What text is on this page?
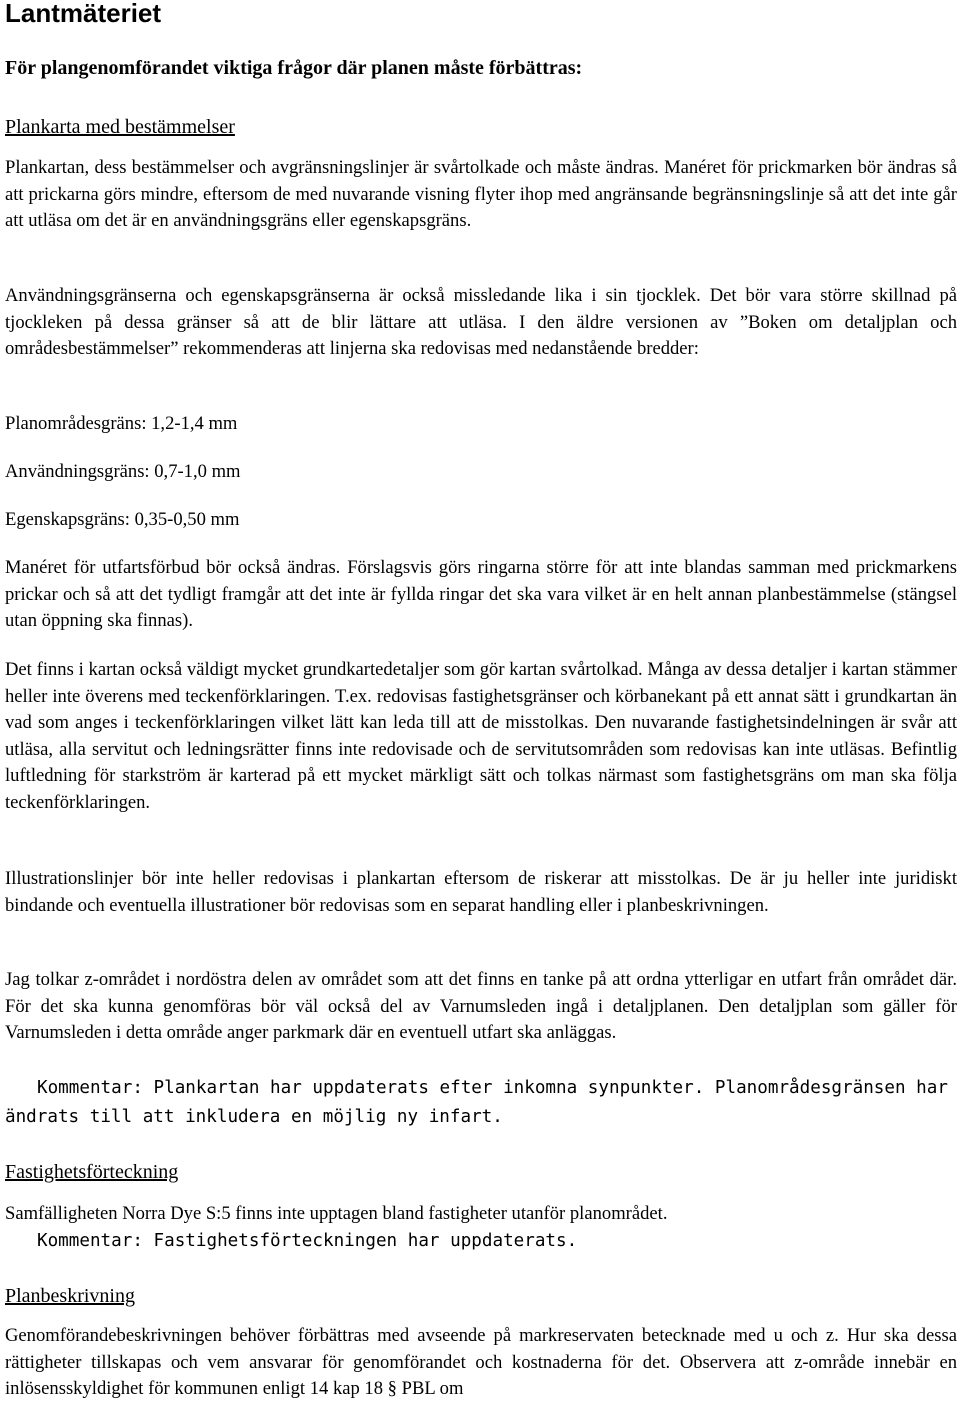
Lantmäteriet
För plangenomförandet viktiga frågor där planen måste förbättras:
Plankarta med bestämmelser
Plankartan, dess bestämmelser och avgränsningslinjer är svårtolkade och måste ändras. Manéret för prickmarken bör ändras så att prickarna görs mindre, eftersom de med nuvarande visning flyter ihop med angränsande begränsningslinje så att det inte går att utläsa om det är en användningsgräns eller egenskapsgräns.
Användningsgränserna och egenskapsgränserna är också missledande lika i sin tjocklek. Det bör vara större skillnad på tjockleken på dessa gränser så att de blir lättare att utläsa. I den äldre versionen av ”Boken om detaljplan och områdesbestämmelser” rekommenderas att linjerna ska redovisas med nedanstående bredder:
Planområdesgräns: 1,2-1,4 mm
Användningsgräns: 0,7-1,0 mm
Egenskapsgräns: 0,35-0,50 mm
Manéret för utfartsförbud bör också ändras. Förslagsvis görs ringarna större för att inte blandas samman med prickmarkens prickar och så att det tydligt framgår att det inte är fyllda ringar det ska vara vilket är en helt annan planbestämmelse (stängsel utan öppning ska finnas).
Det finns i kartan också väldigt mycket grundkartedetaljer som gör kartan svårtolkad. Många av dessa detaljer i kartan stämmer heller inte överens med teckenförklaringen. T.ex. redovisas fastighetsgränser och körbanekant på ett annat sätt i grundkartan än vad som anges i teckenförklaringen vilket lätt kan leda till att de misstolkas. Den nuvarande fastighetsindelningen är svår att utläsa, alla servitut och ledningsrätter finns inte redovisade och de servitutsområden som redovisas kan inte utläsas. Befintlig luftledning för starkström är karterad på ett mycket märkligt sätt och tolkas närmast som fastighetsgräns om man ska följa teckenförklaringen.
Illustrationslinjer bör inte heller redovisas i plankartan eftersom de riskerar att misstolkas. De är ju heller inte juridiskt bindande och eventuella illustrationer bör redovisas som en separat handling eller i planbeskrivningen.
Jag tolkar z-området i nordöstra delen av området som att det finns en tanke på att ordna ytterligar en utfart från området där. För det ska kunna genomföras bör väl också del av Varnumsleden ingå i detaljplanen. Den detaljplan som gäller för Varnumsleden i detta område anger parkmark där en eventuell utfart ska anläggas.
Kommentar: Plankartan har uppdaterats efter inkomna synpunkter. Planområdesgränsen har ändrats till att inkludera en möjlig ny infart.
Fastighetsförteckning
Samfälligheten Norra Dye S:5 finns inte upptagen bland fastigheter utanför planområdet.
Kommentar: Fastighetsförteckningen har uppdaterats.
Planbeskrivning
Genomförandebeskrivningen behöver förbättras med avseende på markreservaten betecknade med u och z. Hur ska dessa rättigheter tillskapas och vem ansvarar för genomförandet och kostnaderna för det. Observera att z-område innebär en inlösensskyldighet för kommunen enligt 14 kap 18 § PBL om
